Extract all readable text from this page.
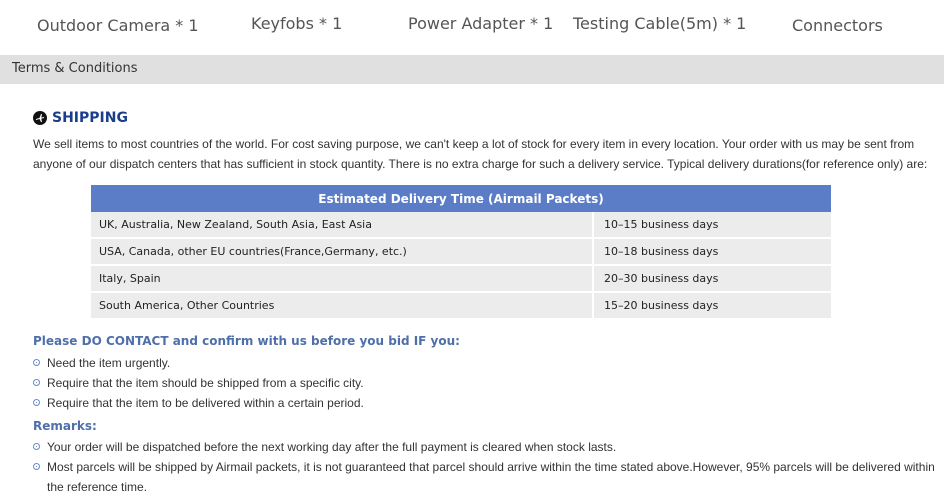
Outdoor Camera * 1	Keyfobs * 1	Power Adapter * 1 Testing Cable(5m) * 1	Connectors
Terms & Conditions
SHIPPING
We sell items to most countries of the world. For cost saving purpose, we can't keep a lot of stock for every item in every location. Your order with us may be sent from anyone of our dispatch centers that has sufficient in stock quantity. There is no extra charge for such a delivery service. Typical delivery durations(for reference only) are:
Estimated Delivery Time (Airmail Packets)	
UK, Australia, New Zealand, South Asia, East Asia	10–15 business days
USA, Canada, other EU countries(France,Germany, etc.)	10–18 business days
Italy, Spain	20–30 business days
South America, Other Countries	15–20 business days
Please DO CONTACT and confirm with us before you bid IF you:
Need the item urgently.
Require that the item should be shipped from a specific city.
Require that the item to be delivered within a certain period.
Remarks:
Your order will be dispatched before the next working day after the full payment is cleared when stock lasts.
Most parcels will be shipped by Airmail packets, it is not guaranteed that parcel should arrive within the time stated above.However, 95% parcels will be delivered within the reference time.
